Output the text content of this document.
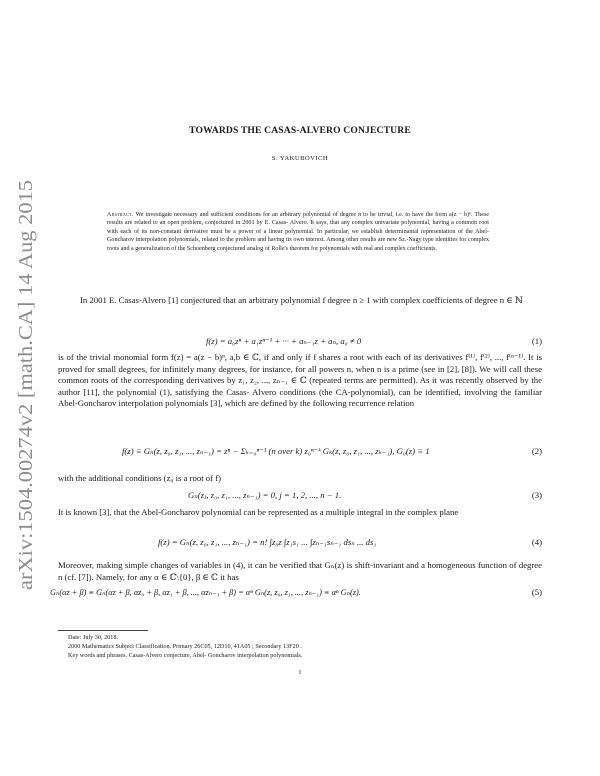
arXiv:1504.00274v2 [math.CA] 14 Aug 2015
TOWARDS THE CASAS-ALVERO CONJECTURE
S. YAKUBOVICH
Abstract. We investigate necessary and sufficient conditions for an arbitrary polynomial of degree n to be trivial, i.e. to have the form a(z − b)ⁿ. These results are related to an open problem, conjectured in 2001 by E. Casas- Alvero. It says, that any complex univariate polynomial, having a common root with each of its non-constant derivative must be a power of a linear polynomial. In particular, we establish determinantal representation of the Abel-Goncharov interpolation polynomials, related to the problem and having its own interest. Among other results are new Sz.-Nagy type identities for complex roots and a generalization of the Schoenberg conjectured analog of Rolle's theorem for polynomials with real and complex coefficients.
In 2001 E. Casas-Alvero [1] conjectured that an arbitrary polynomial f degree n ≥ 1 with complex coefficients of degree n ∈ ℕ
f(z) = a₀zⁿ + a₁zⁿ⁻¹ + ··· + aₙ₋₁z + aₙ, a₀ ≠ 0	(1)
is of the trivial monomial form f(z) = a(z − b)ⁿ, a,b ∈ ℂ, if and only if f shares a root with each of its derivatives f⁽¹⁾, f⁽²⁾, ..., f⁽ⁿ⁻¹⁾. It is proved for small degrees, for infinitely many degrees, for instance, for all powers n, when n is a prime (see in [2], [8]). We will call these common roots of the corresponding derivatives by z₁, z₂, ..., zₙ₋₁ ∈ ℂ (repeated terms are permitted). As it was recently observed by the author [11], the polynomial (1), satisfying the Casas- Alvero conditions (the CA-polynomial), can be identified, involving the familiar Abel-Goncharov interpolation polynomials [3], which are defined by the following recurrence relation
f(z) ≡ Gₙ(z, z₀, z₁, ..., zₙ₋₁) = zⁿ − Σₖ₌₀ⁿ⁻¹ (n over k) z₀ⁿ⁻ᵏ Gₖ(z, z₀, z₁, ..., zₖ₋₁), G₀(z) ≡ 1	(2)
with the additional conditions (z₀ is a root of f)
Gₙ(zⱼ, z₀, z₁, ..., zₙ₋₁) = 0, j = 1, 2, ..., n − 1.	(3)
It is known [3], that the Abel-Goncharov polynomial can be represented as a multiple integral in the complex plane
f(z) = Gₙ(z, z₀, z₁, ..., zₙ₋₁) = n! ∫z₀z ∫z₁s₁ ... ∫zₙ₋₁sₙ₋₁ dsₙ ... ds₁	(4)
Moreover, making simple changes of variables in (4), it can be verified that Gₙ(z) is shift-invariant and a homogeneous function of degree n (cf. [7]). Namely, for any α ∈ ℂ\{0}, β ∈ ℂ it has
Gₙ(αz + β) ≡ Gₙ(αz + β, αz₀ + β, αz₁ + β, ..., αzₙ₋₁ + β) = αⁿ Gₙ(z, z₀, z₁, ..., zₙ₋₁) ≡ αⁿ Gₙ(z).	(5)
Date: July 30, 2018.
2000 Mathematics Subject Classification. Primary 26C05, 12D10, 41A05 ; Secondary 13F20 .
Key words and phrases. Casas-Alvero conjecture, Abel- Goncharov interpolation polynomials.
1
